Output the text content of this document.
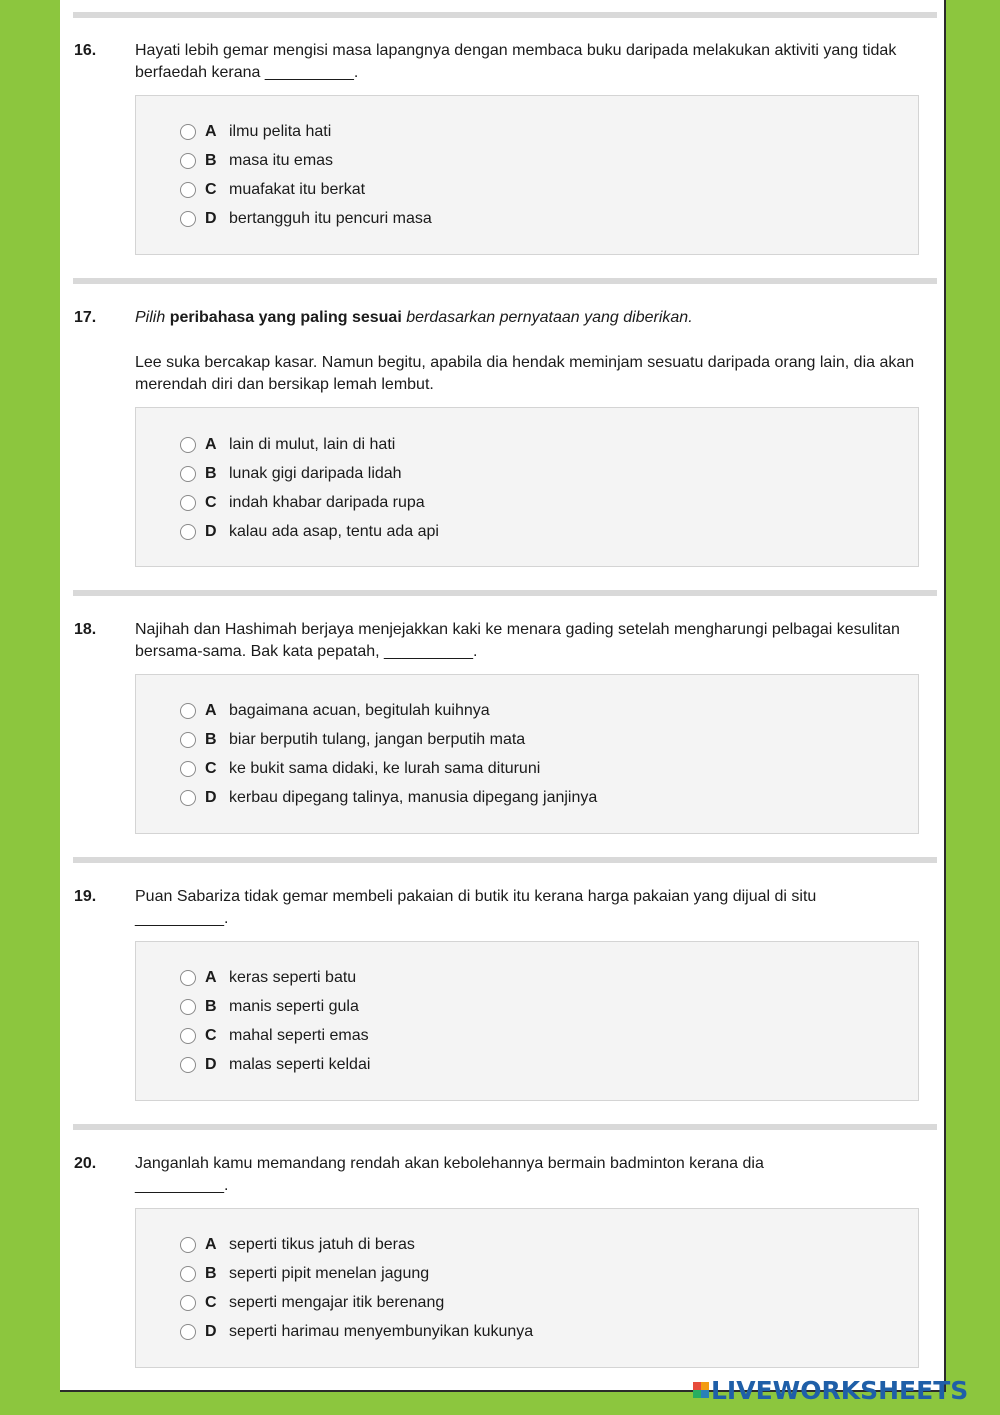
16. Hayati lebih gemar mengisi masa lapangnya dengan membaca buku daripada melakukan aktiviti yang tidak berfaedah kerana __________.
A ilmu pelita hati
B masa itu emas
C muafakat itu berkat
D bertangguh itu pencuri masa
17. Pilih peribahasa yang paling sesuai berdasarkan pernyataan yang diberikan.
Lee suka bercakap kasar. Namun begitu, apabila dia hendak meminjam sesuatu daripada orang lain, dia akan merendah diri dan bersikap lemah lembut.
A lain di mulut, lain di hati
B lunak gigi daripada lidah
C indah khabar daripada rupa
D kalau ada asap, tentu ada api
18. Najihah dan Hashimah berjaya menjejakkan kaki ke menara gading setelah mengharungi pelbagai kesulitan bersama-sama. Bak kata pepatah, __________.
A bagaimana acuan, begitulah kuihnya
B biar berputih tulang, jangan berputih mata
C ke bukit sama didaki, ke lurah sama dituruni
D kerbau dipegang talinya, manusia dipegang janjinya
19. Puan Sabariza tidak gemar membeli pakaian di butik itu kerana harga pakaian yang dijual di situ
__________.
A keras seperti batu
B manis seperti gula
C mahal seperti emas
D malas seperti keldai
20. Janganlah kamu memandang rendah akan kebolehannya bermain badminton kerana dia
__________.
A seperti tikus jatuh di beras
B seperti pipit menelan jagung
C seperti mengajar itik berenang
D seperti harimau menyembunyikan kukunya
LIVEWORKSHEETS
